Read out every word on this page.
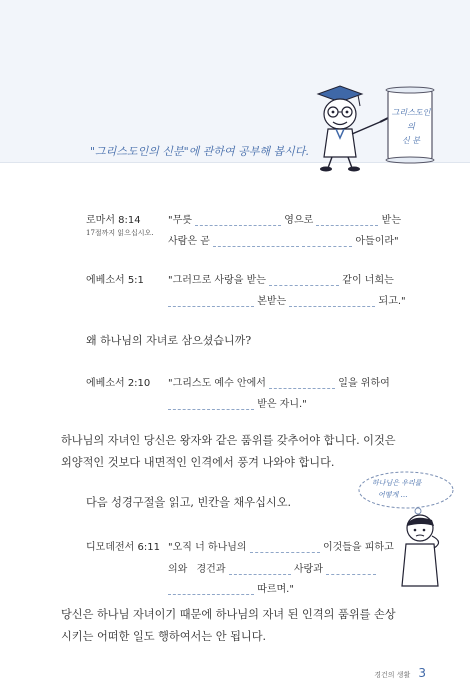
그리스도인
의
신 분
"그리스도인의 신분"에 관하여 공부해 봅시다.
로마서 8:14
17절까지 읽으십시오.
"무릇	영으로	받는
사람은 곧	아들이라"
에베소서 5:1 "그러므로 사랑을 받는	같이 너희는
본받는	되고."
왜 하나님의 자녀로 삼으셨습니까?
에베소서 2:10 "그리스도 예수 안에서	일을 위하여
받은 자니."
하나님의 자녀인 당신은 왕자와 같은 품위를 갖추어야 합니다. 이것은
외양적인 것보다 내면적인 인격에서 풍겨 나와야 합니다.
다음 성경구절을 읽고, 빈칸을 채우십시오.
하나님은 우리를
어떻게 …
디모데전서 6:11 "오직 너 하나님의	이것들을 피하고
의와 경건과	사랑과
따르며."
당신은 하나님 자녀이기 때문에 하나님의 자녀 된 인격의 품위를 손상
시키는 어떠한 일도 행하여서는 안 됩니다.
경건의 생활 3
